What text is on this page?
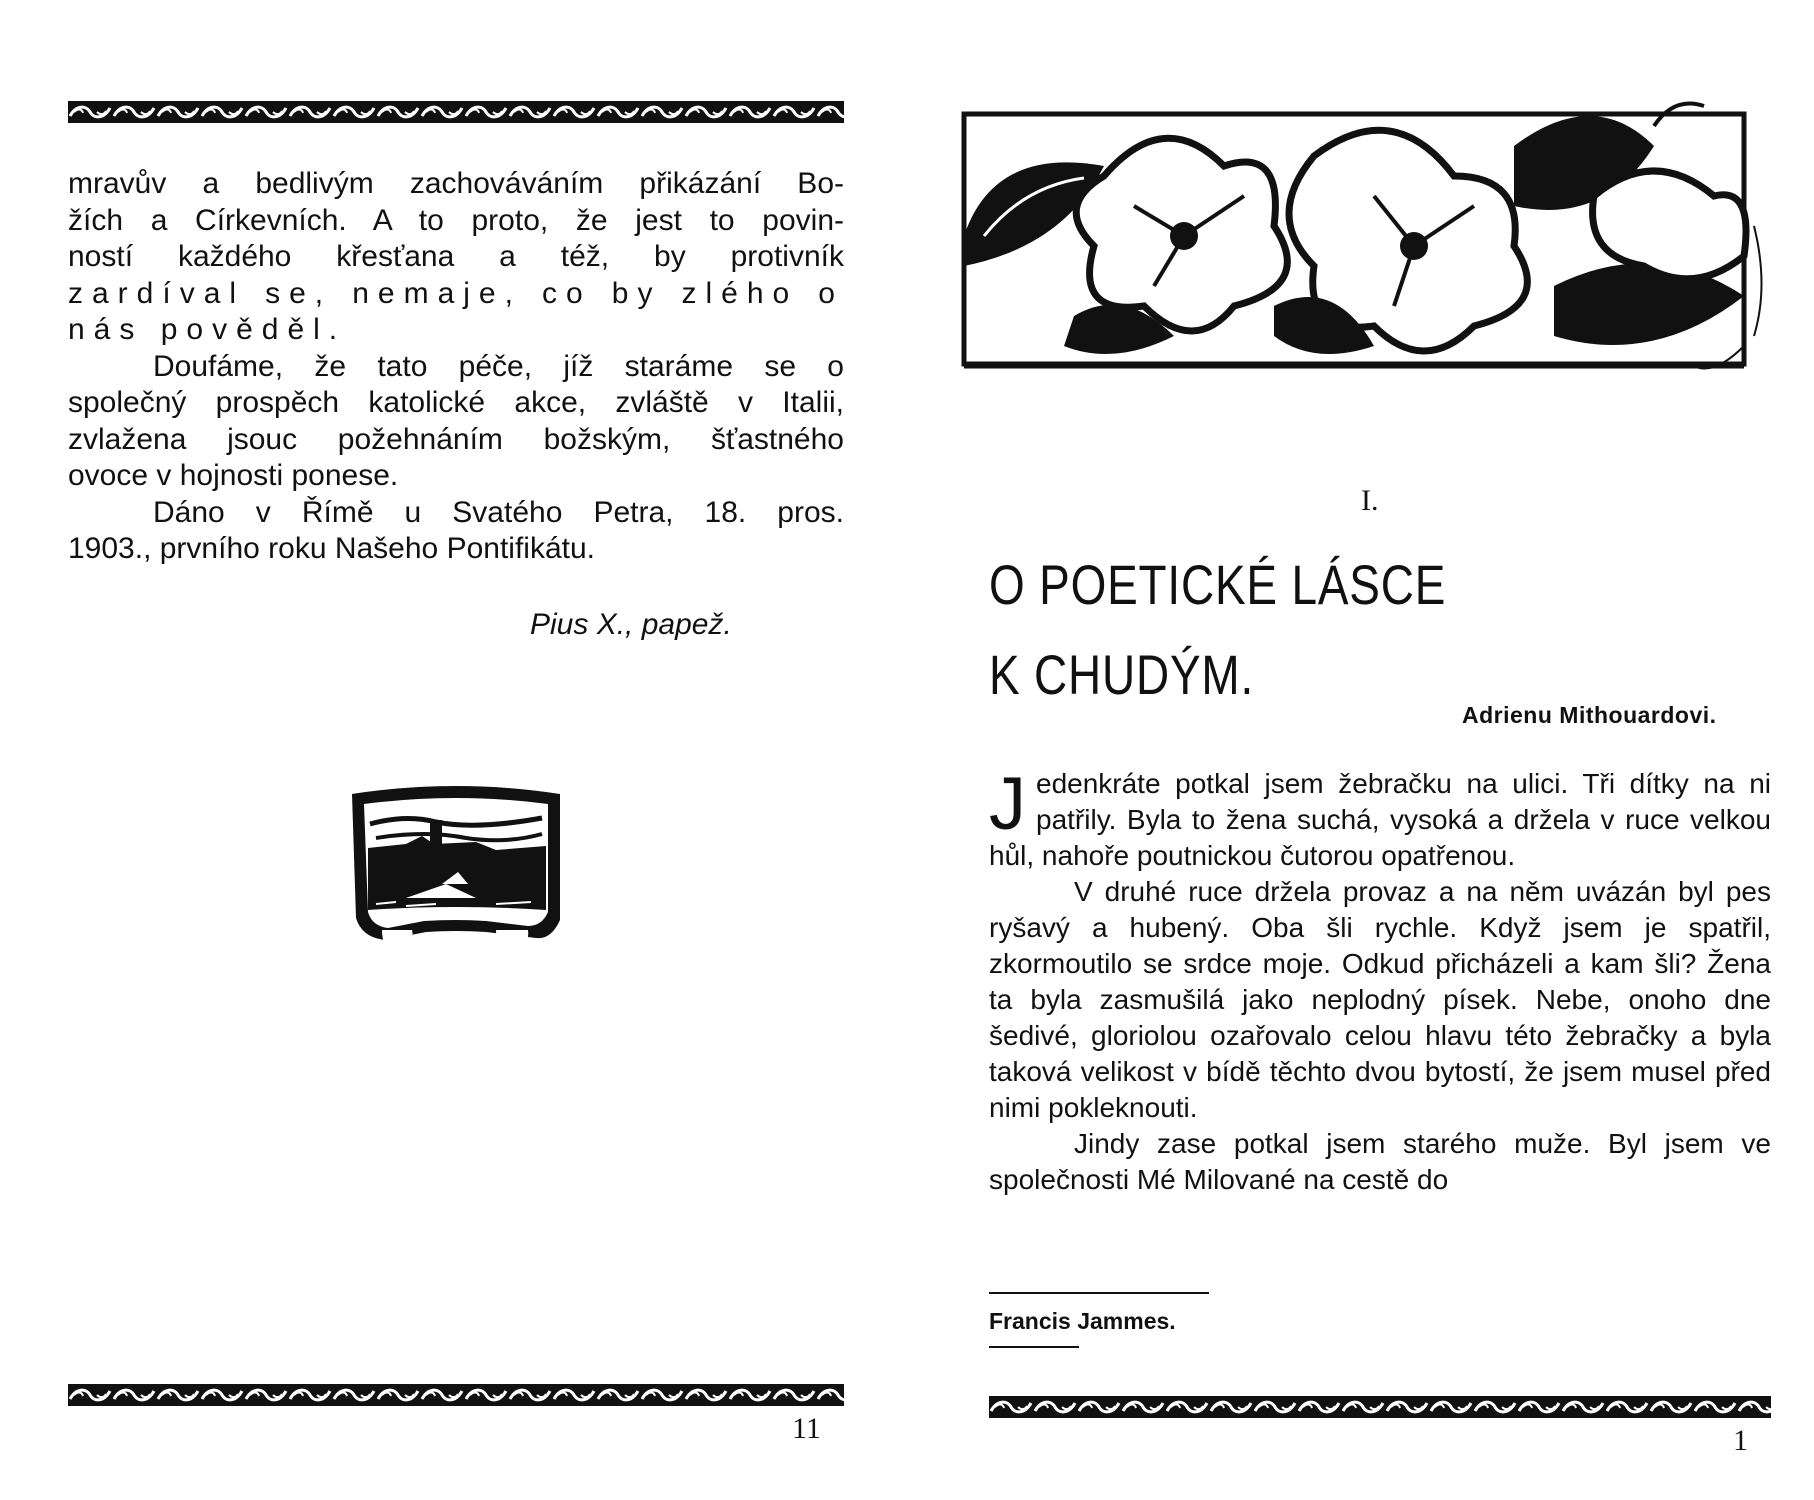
mravův a bedlivým zachováváním přikázání Bo-

žích a Církevních. A to proto, že jest to povin-

ností každého křesťana a též, by protivník

zardíval se, nemaje, co by zlého o

nás pověděl.

Doufáme, že tato péče, jíž staráme se o

společný prospěch katolické akce, zvláště v Italii,

zvlažena jsouc požehnáním božským, šťastného

ovoce v hojnosti ponese.

Dáno v Římě u Svatého Petra, 18. pros.

1903., prvního roku Našeho Pontifikátu.

Pius X., papež.
11
I.
O POETICKÉ LÁSCE
K CHUDÝM.
Adrienu Mithouardovi.

Jedenkráte potkal jsem žebračku na ulici. Tři dítky na ni patřily. Byla to žena suchá, vysoká a držela v ruce velkou hůl, nahoře poutnickou čutorou opatřenou.

V druhé ruce držela provaz a na něm uvázán byl pes ryšavý a hubený. Oba šli rychle. Když jsem je spatřil, zkormoutilo se srdce moje. Odkud přicházeli a kam šli? Žena ta byla zasmušilá jako neplodný písek. Nebe, onoho dne šedivé, gloriolou ozařovalo celou hlavu této žebračky a byla taková velikost v bídě těchto dvou bytostí, že jsem musel před nimi pokleknouti.

Jindy zase potkal jsem starého muže. Byl jsem ve společnosti Mé Milované na cestě do

Francis Jammes.
1
